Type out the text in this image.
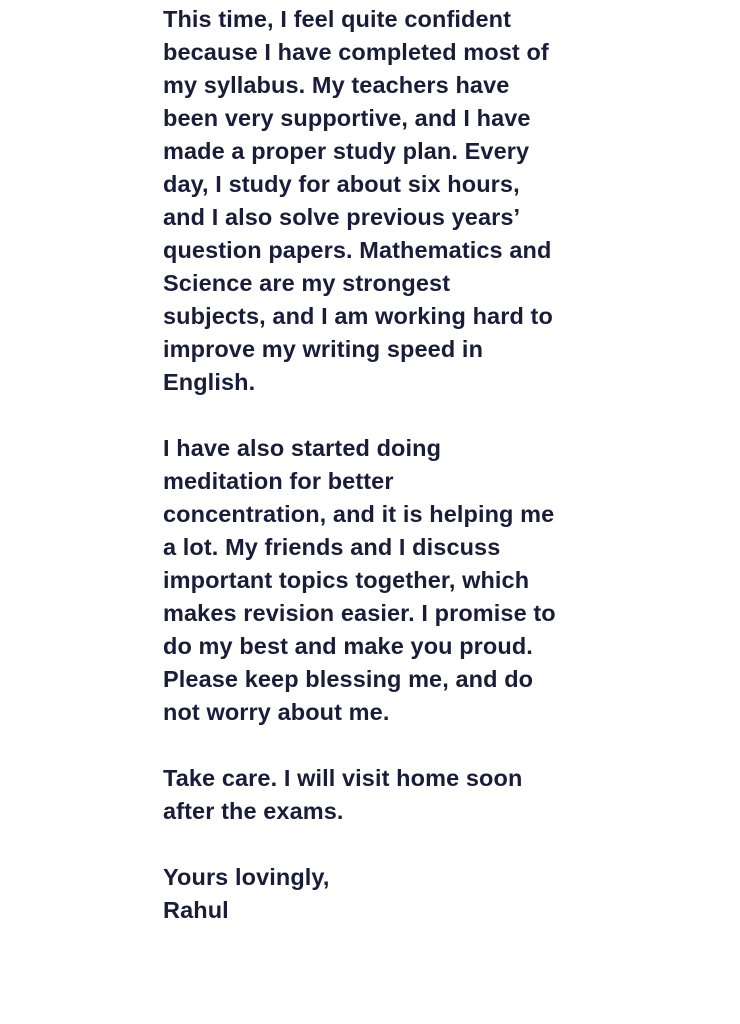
This time, I feel quite confident
because I have completed most of
my syllabus. My teachers have
been very supportive, and I have
made a proper study plan. Every
day, I study for about six hours,
and I also solve previous years’
question papers. Mathematics and
Science are my strongest
subjects, and I am working hard to
improve my writing speed in
English.
I have also started doing
meditation for better
concentration, and it is helping me
a lot. My friends and I discuss
important topics together, which
makes revision easier. I promise to
do my best and make you proud.
Please keep blessing me, and do
not worry about me.
Take care. I will visit home soon
after the exams.
Yours lovingly,
Rahul
